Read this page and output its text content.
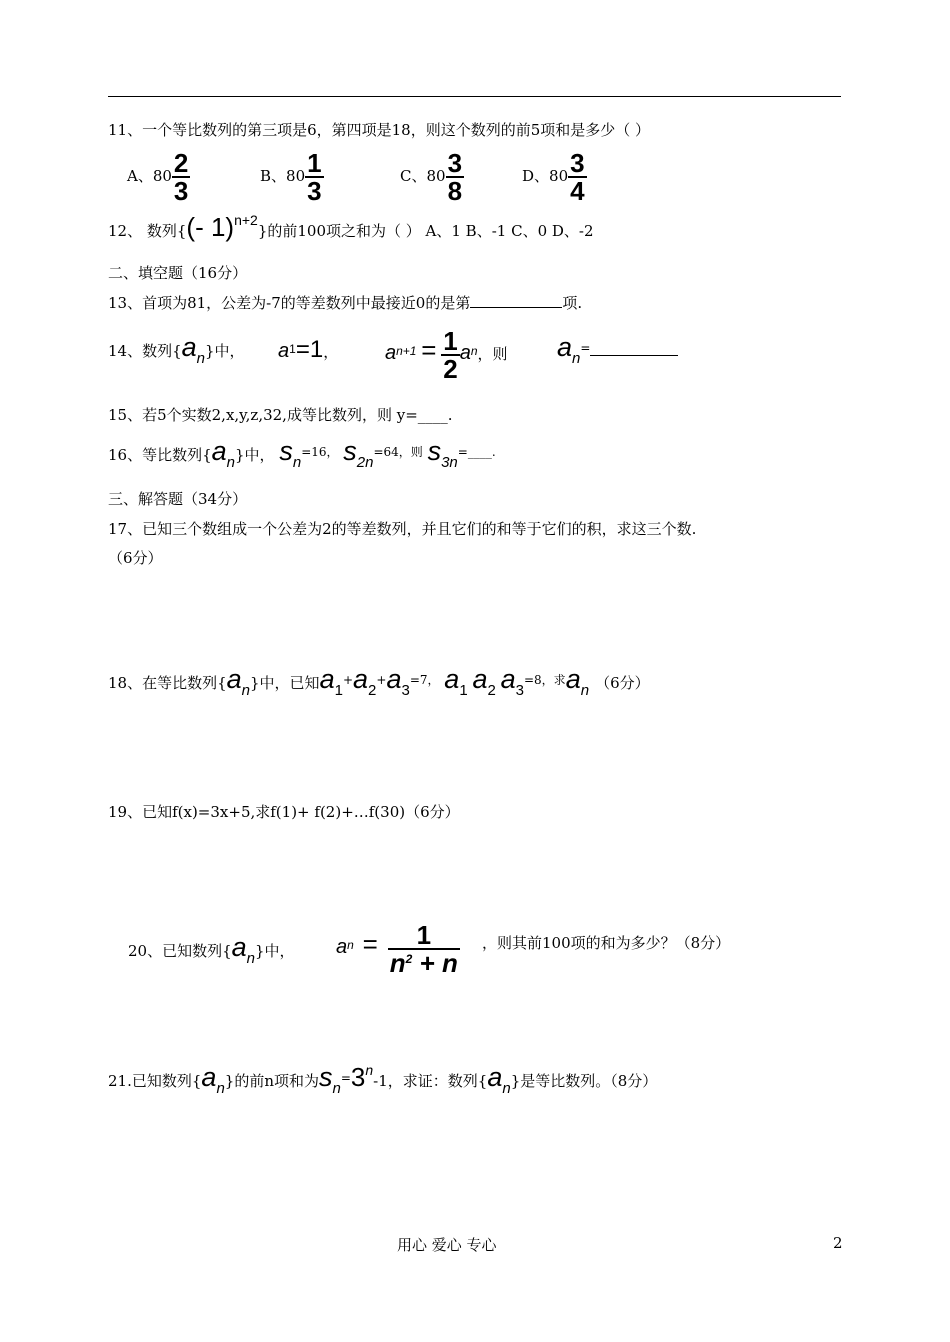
11、一个等比数列的第三项是6，第四项是18，则这个数列的前5项和是多少（ ）
A、$80 \frac{2}{3}$	B、$80 \frac{1}{3}$	C、$80 \frac{3}{8}$	D、$80 \frac{3}{4}$
12、 数列{(- 1)n+2}的前100项之和为（ ） A、1 B、-1 C、0 D、-2
二、填空题（16分）
13、首项为81，公差为-7的等差数列中最接近0的是第	项.
14、数列{an}中， $a^1=1$， $a^{n+1} = \frac{1}{2} a^n$，则 an=
15、若5个实数2,x,y,z,32,成等比数列，则 y=____.
16、等比数列{an}中， $sn^{=16,}$ $s2n^{=64,则}$ s3n=____.
三、解答题（34分）
17、已知三个数组成一个公差为2的等差数列，并且它们的和等于它们的积，求这三个数.
（6分）
18、在等比数列{an}中，已知$a1^+a2^+a3^{=7,}$ a1 a2 $a3^{=8,求}an$ （6分）
19、已知f(x)=3x+5,求f(1)+ f(2)+…f(30)（6分）
20、已知数列{an}中， $a^n = \frac{1}{n^2 + n}$ ，则其前100项的和为多少？（8分）
21.已知数列{an}的前n项和为sn=3n-1，求证：数列{an}是等比数列。（8分）
用心 爱心 专心	2
